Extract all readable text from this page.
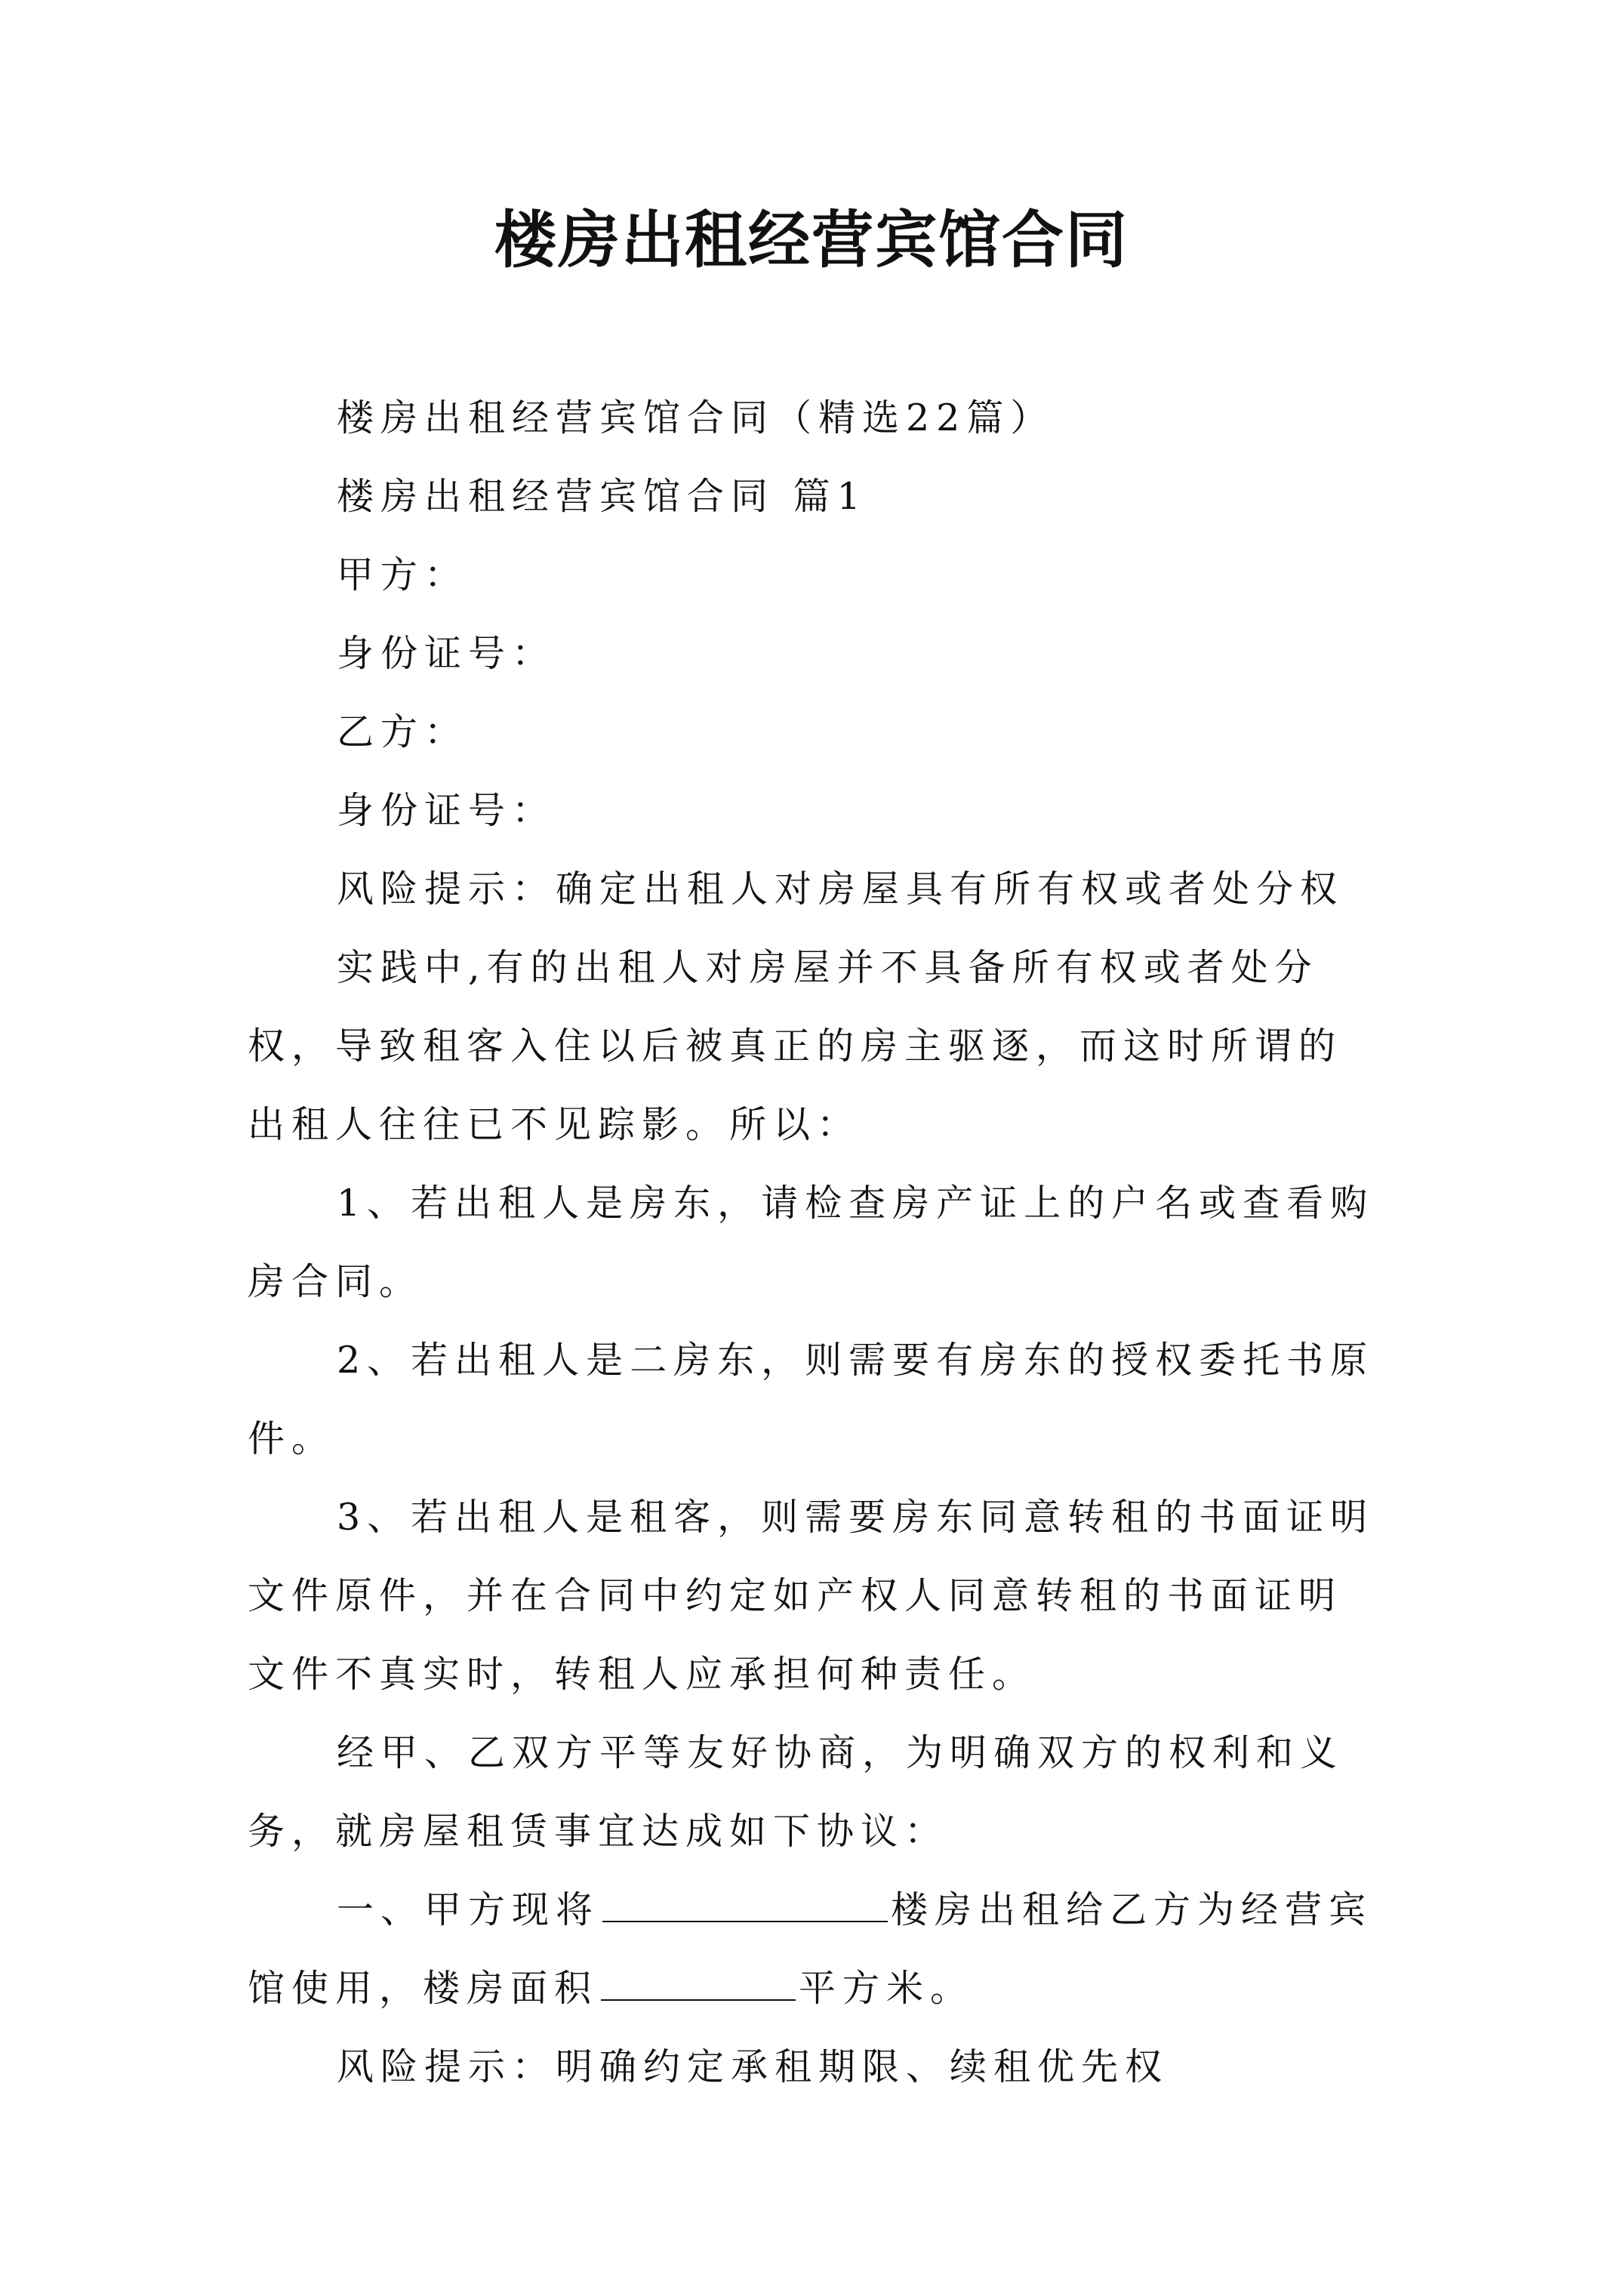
楼房出租经营宾馆合同

楼房出租经营宾馆合同（精选22篇）

楼房出租经营宾馆合同 篇1

甲方：

身份证号：

乙方：

身份证号：

风险提示：确定出租人对房屋具有所有权或者处分权

实践中,有的出租人对房屋并不具备所有权或者处分权，导致租客入住以后被真正的房主驱逐，而这时所谓的出租人往往已不见踪影。所以：

1、若出租人是房东，请检查房产证上的户名或查看购房合同。

2、若出租人是二房东，则需要有房东的授权委托书原件。

3、若出租人是租客，则需要房东同意转租的书面证明文件原件，并在合同中约定如产权人同意转租的书面证明文件不真实时，转租人应承担何种责任。

经甲、乙双方平等友好协商，为明确双方的权利和义务，就房屋租赁事宜达成如下协议：

一、甲方现将	楼房出租给乙方为经营宾馆使用，楼房面积	平方米。

风险提示：明确约定承租期限、续租优先权
